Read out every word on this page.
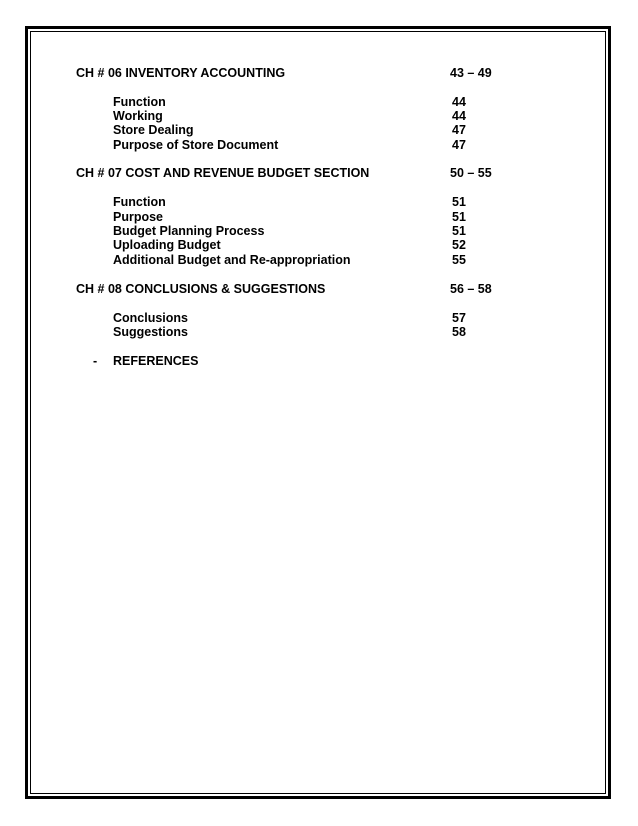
CH # 06 INVENTORY ACCOUNTING	43 – 49
Function	44
Working	44
Store Dealing	47
Purpose of Store Document	47
CH # 07 COST AND REVENUE BUDGET SECTION	50 – 55
Function	51
Purpose	51
Budget Planning Process	51
Uploading Budget	52
Additional Budget and Re-appropriation	55
CH # 08 CONCLUSIONS & SUGGESTIONS	56 – 58
Conclusions	57
Suggestions	58
- REFERENCES
